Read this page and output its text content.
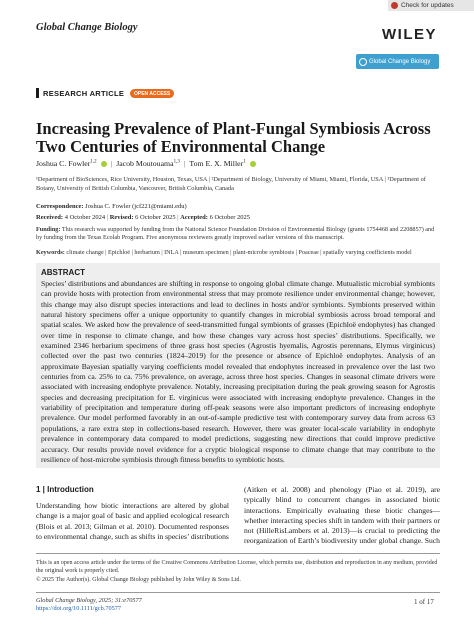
Check for updates
Global Change Biology	WILEY
Global Change Biology
RESEARCH ARTICLE	OPEN ACCESS
Increasing Prevalence of Plant-Fungal Symbiosis Across
Two Centuries of Environmental Change
Joshua C. Fowler$^{1,2}$ | Jacob Moutouama$^{1,3}$ | Tom E. X. Miller$^1$
¹Department of BioSciences, Rice University, Houston, Texas, USA | ²Department of Biology, University of Miami, Miami, Florida, USA | ³Department of Botany, University of British Columbia, Vancouver, British Columbia, Canada
Correspondence: Joshua C. Fowler (jcf221@miami.edu)
Received: 4 October 2024 | Revised: 6 October 2025 | Accepted: 6 October 2025
Funding: This research was supported by funding from the National Science Foundation Division of Environmental Biology (grants 1754468 and 2208857) and by funding from the Texas Ecolab Program. Five anonymous reviewers greatly improved earlier versions of this manuscript.
Keywords: climate change | Epichloë | herbarium | INLA | museum specimen | plant-microbe symbiosis | Poaceae | spatially varying coefficients model
ABSTRACT
Species’ distributions and abundances are shifting in response to ongoing global climate change. Mutualistic microbial symbionts can provide hosts with protection from environmental stress that may promote resilience under environmental change; however, this change may also disrupt species interactions and lead to declines in hosts and/or symbionts. Symbionts preserved within natural history specimens offer a unique opportunity to quantify changes in microbial symbiosis across broad temporal and spatial scales. We asked how the prevalence of seed-transmitted fungal symbionts of grasses (Epichloë endophytes) has changed over time in response to climate change, and how these changes vary across host species’ distributions. Specifically, we examined 2346 herbarium specimens of three grass host species (Agrostis hyemalis, Agrostis perennans, Elymus virginicus) collected over the past two centuries (1824–2019) for the presence or absence of Epichloë endophytes. Analysis of an approximate Bayesian spatially varying coefficients model revealed that endophytes increased in prevalence over the last two centuries from ca. 25% to ca. 75% prevalence, on average, across three host species. Changes in seasonal climate drivers were associated with increasing endophyte prevalence. Notably, increasing precipitation during the peak growing season for Agrostis species and decreasing precipitation for E. virginicus were associated with increasing endophyte prevalence. Changes in the variability of precipitation and temperature during off-peak seasons were also important predictors of increasing endophyte prevalence. Our model performed favorably in an out-of-sample predictive test with contemporary survey data from across 63 populations, a rare extra step in collections-based research. However, there was greater local-scale variability in endophyte prevalence in contemporary data compared to model predictions, suggesting new directions that could improve predictive accuracy. Our results provide novel evidence for a cryptic biological response to climate change that may contribute to the resilience of host-microbe symbiosis through fitness benefits to symbiotic hosts.
1 | Introduction
Understanding how biotic interactions are altered by global change is a major goal of basic and applied ecological research (Blois et al. 2013; Gilman et al. 2010). Documented responses to environmental change, such as shifts in species’ distributions
(Aitken et al. 2008) and phenology (Piao et al. 2019), are typically blind to concurrent changes in associated biotic interactions. Empirically evaluating these biotic changes—whether interacting species shift in tandem with their partners or not (HilleRisLambers et al. 2013)—is crucial to predicting the reorganization of Earth’s biodiversity under global change. Such
This is an open access article under the terms of the Creative Commons Attribution License, which permits use, distribution and reproduction in any medium, provided the original work is properly cited.
© 2025 The Author(s). Global Change Biology published by John Wiley & Sons Ltd.
Global Change Biology, 2025; 31:e70577
https://doi.org/10.1111/gcb.70577
1 of 17
